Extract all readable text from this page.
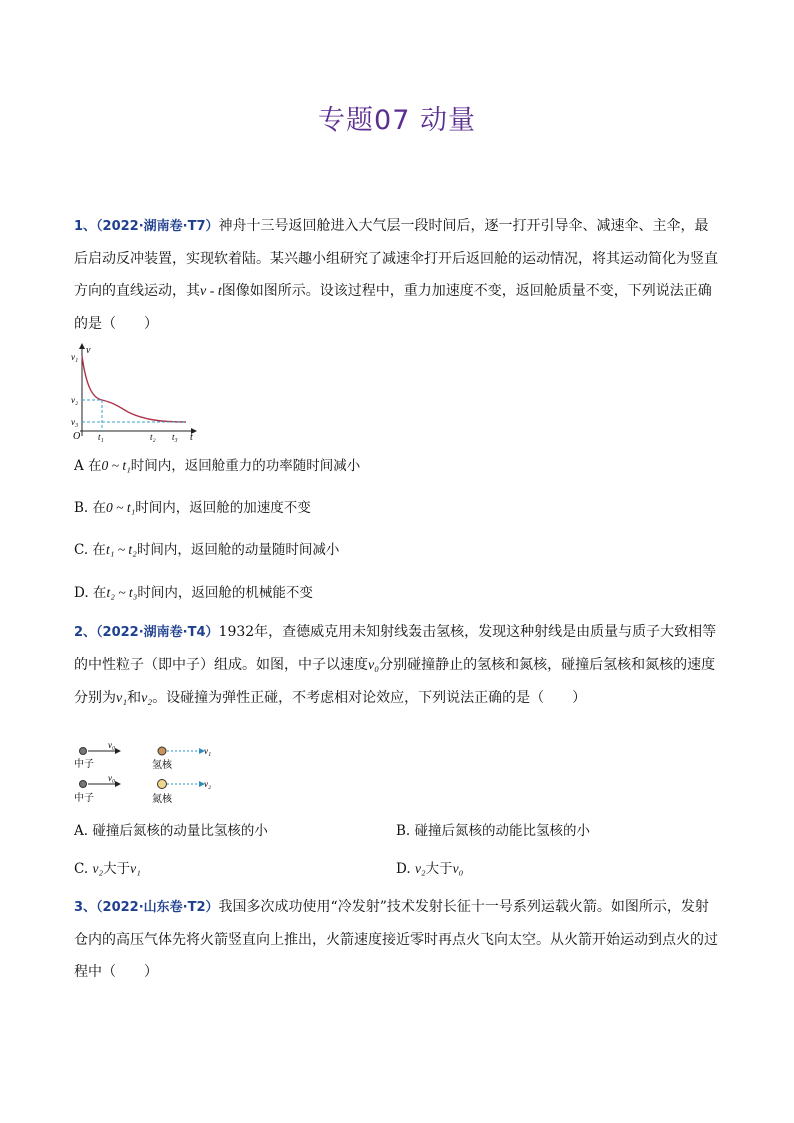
专题07 动量
1、（2022·湖南卷·T7）神舟十三号返回舱进入大气层一段时间后，逐一打开引导伞、减速伞、主伞，最后启动反冲装置，实现软着陆。某兴趣小组研究了减速伞打开后返回舱的运动情况，将其运动简化为竖直方向的直线运动，其v - t图像如图所示。设该过程中，重力加速度不变，返回舱质量不变，下列说法正确的是（　　）
v
v₁
v₂
v₃
O t₁	t₂ t₃ t
A 在0 ~ t₁时间内，返回舱重力的功率随时间减小
B. 在0 ~ t₁时间内，返回舱的加速度不变
C. 在t₁ ~ t₂时间内，返回舱的动量随时间减小
D. 在t₂ ~ t₃时间内，返回舱的机械能不变
2、（2022·湖南卷·T4）1932年，查德威克用未知射线轰击氢核，发现这种射线是由质量与质子大致相等的中性粒子（即中子）组成。如图，中子以速度v₀分别碰撞静止的氢核和氮核，碰撞后氢核和氮核的速度分别为v₁和v₂。设碰撞为弹性正碰，不考虑相对论效应，下列说法正确的是（　　）
v₀
v₁
中子	氢核
v₀
v₂
中子	氮核
A. 碰撞后氮核的动量比氢核的小	B. 碰撞后氮核的动能比氢核的小
C. v₂大于v₁	D. v₂大于v₀
3、（2022·山东卷·T2）我国多次成功使用“冷发射”技术发射长征十一号系列运载火箭。如图所示，发射仓内的高压气体先将火箭竖直向上推出，火箭速度接近零时再点火飞向太空。从火箭开始运动到点火的过程中（　　）
